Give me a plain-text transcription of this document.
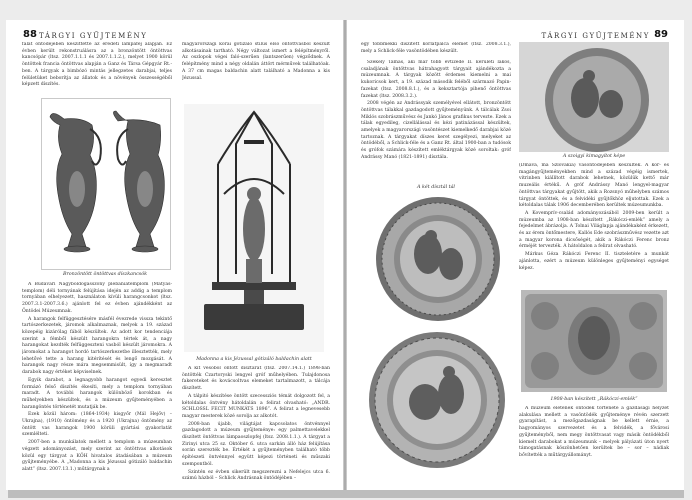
88 TÁRGYI GYŰJTEMÉNY

falat öntödéjében készíttette az eredeti lámpafej alapján. Ez évben került rekonstruálásra az a bronzöntött öntöttvas kancsópár (ltsz. 2007.1.1.1 és 2007.1.1.2.), melyet 1900 körül öntöttek francia öntöttvas alapján a Ganz és Társa Gépgyár Rt.-ben. A tárgyak a bimbózó mintás jellegzetes darabjai, teljes felületüket beborítja az állatok és a növények összességéből képzett díszítés.

Bronzöntött öntöttvas díszkancsók

A Budavári Nagyboldogasszony plébániatemplom (Mátyás-templom) déli tornyának felújítása idején az addig a templom tornyában elhelyezett, használaton kívüli harangcsonkot (ltsz. 2007.3.1-2007.3.6.) ajánlott fel ez évben ajándékként az Öntödei Múzeumnak.

A harangok felfüggesztésére másfél évezrede vissza tekintő tartószerkezetek, járomok alkalmaznak, melyek a 19. század közepéig kizárólag fából készültek. Az adott kor tendenciája szerint a fémből készült harangokra tértek át, a nagy harangokat kezdték felfüggeszteni vasból készült járomokra. A járomokat a harangot hordó tartószerkezetbe illesztették, mely lehetővé tette a harang kitérítését és lengő mozgását. A harangok nagy része mára megsemmisült, így a megmaradt darabok nagy értéket képviselnek.

Egyik darabot, a legnagyobb harangot egyedi keresztet formázó felső díszítés ékesíti, mely a templom tornyában maradt. A további harangok különböző korokban és műhelyekben készültek, és a múzeum gyűjteményében a harangöntés történetét mutatják be.

Ezek közül három: (1864-1934) kisgyőr (Mál Hejőv) – Ukrajna), (1910) öntömény és a 1920 (Ukrajna) öntömény az öntött vas harangok 1900 körüli gyártási gyakorlatát szemlélteti.

2007-ben a munkálatok mellett a templom a múzeumban végzett adományozást, mely szerint az öntöttvas alkotások közül egy tárgyat a KÖH hivatalos átadásában a múzeum gyűjteményébe. A „Madonna a kis Jézussal gótizáló baldachin alatt” (ltsz. 2007.13.1.) műtárgynak a

magyarországi korai gótizáló stílus első öntöttvasból készült alkotásainak tartható. Négy változat ismert a felépítményről. Az oszlopok végei faló-szerűen (lantszerűen) végződnek. A felépítmény mind a négy oldalán áttört mérművek találhatóak. A 37 cm magas baldachin alatt található a Madonna a kis Jézussal.

Madonna a kis Jézussal gótizáló baldachin alatt

A kit vésőből öntött dísztárat (ltsz. 2007.14.1.) 1898-ban öntötték Czartoryski lengyel gróf műhelyében. Tulajdonosa fakereteket és kovácsoltvas elemeket tartalmazott, a tálcája díszített.

A tálpitó készítése öntött szecessziós témát dolgozott fel, a kétoldalas öntvény hátoldalán a felirat olvasható: „ANDR. SCHLOSSL FECIT MUNKÁTS 1896”. A felirat a legnevesebb magyar mesterek közé sorolja az alkotót.

2008-ban újabb, világtájat kapcsolatos öntvénnyel gazdagodott a múzeum gyűjteménye: egy palmettavelekkel díszített öntöttvas lámpaoszlopfej (ltsz. 2008.1.1.). A tárgyat a Zirinyi utca 25 sz. Október 6. utca sarkán álló ház felújítása során szerezték be. Értékét a gyűjteményben található több építészeti öntvénnyel együtt képezi történeti és műszaki szempontból.

Szintén ez évben sikerült megszerezni a Nefelejcs utca 6. számú házból – Schlick Andrásnak öntödéjében –

TÁRGYI GYŰJTEMÉNY 89

egy többmekki díszített korlátpálca elemet (ltsz. 2008.3.1.), mely a Schlick-féle vasöntödében készült.

Szekely Tamás, aki már több évtizede II. kerületi lakos, csaladjának öntöttvas hátrahagyott tárgyait ajándékozta a múzeumnak. A tárgyak között érdemes kiemelni a mai kukoricsok kert, a 19. század második feléből származó Papin-fazekat (ltsz. 2008.8.1.), és a keksztartója pihenő öntöttvas fazekat (ltsz. 2008.3.2.).

2008 végén az Andrássyak személyével ellátott, bronzöntött öntöttvas tálakkal gazdagodott gyűjteményünk. A tálcálak Zsoi Miklós szobrászművész és Jankó János grafikus tervezte. Ezek a tálak egyedileg, cizellálással és kézi patinázással készültek, amelyek a magyarországi vasöntészet kiemelkedő darabjai közé tartoznak. A tárgyakat díszes keret szegélyezi, melyeket az öntödéből, a Schlick-féle és a Ganz Rt. által 1900-ban a tudósok és grófok számára készített emléktárgyak közé soroltak: gróf Andrássy Manó (1821-1891) dísztála.

A két dísztál tál
A szoigyi kimagyítot képe

(Dmava, ma Szlovákia) vasöntödéjében készültek. A kör- és magángyűjteményekben mind a század végéig ismertek, vitrinben kiállított darabok lehetnek, közülük kettő már muzeális értékű. A gróf Andrássy Manó lengyel-magyar öntöttvas tárgyakat gyűjtött, akik a Rozsnyó műhelyben számos tárgyat öntöttek, és a felvidéki gyűjtőkhöz eljutottak. Ezek a kétoldalas tálak 1906 decemberében kerültek múzeumunkba.

A Kovemprív-család adományozásából 2009-ben került a múzeumba az 1908-ban készített „Rákóczi-emlék” amely a fejedelmet ábrázolja. A Tolnai Világlapja ajándékaként érkezett, és az érem öntőmestere, Kallós Ede szobrászművész vezette azt a magyar korona dicsőségét, akik a Rákóczi Ferenc bronz érméjét tervezték. A hátoldalon a felirat olvasható.

Márkus Géza Rákóczi Ferenc II. tiszteletére a munkát ajánlotta, ezért a múzeum különleges gyűjteményi egységet képez.

1908-ban készített „Rákóczi-emlék”

A múzeum életének öntödék története a gazdasági helyzet alakulása mellett a vasöntödék gyűjteménye révén szerzett gyarapítást, a mezőgazdaságnak be kellett érnie, a hagyományos szervezetet és a felvidék, a fővárosi gyűjteményből, nem megy öntöttvasat vagy másik öntödékből kiemelt darabokat a múzeumunk – melyek pályázati úton nyert támogatásnak köszönhetően kerültek be – sor – nádiak bővítették a műtárgyállományt.
